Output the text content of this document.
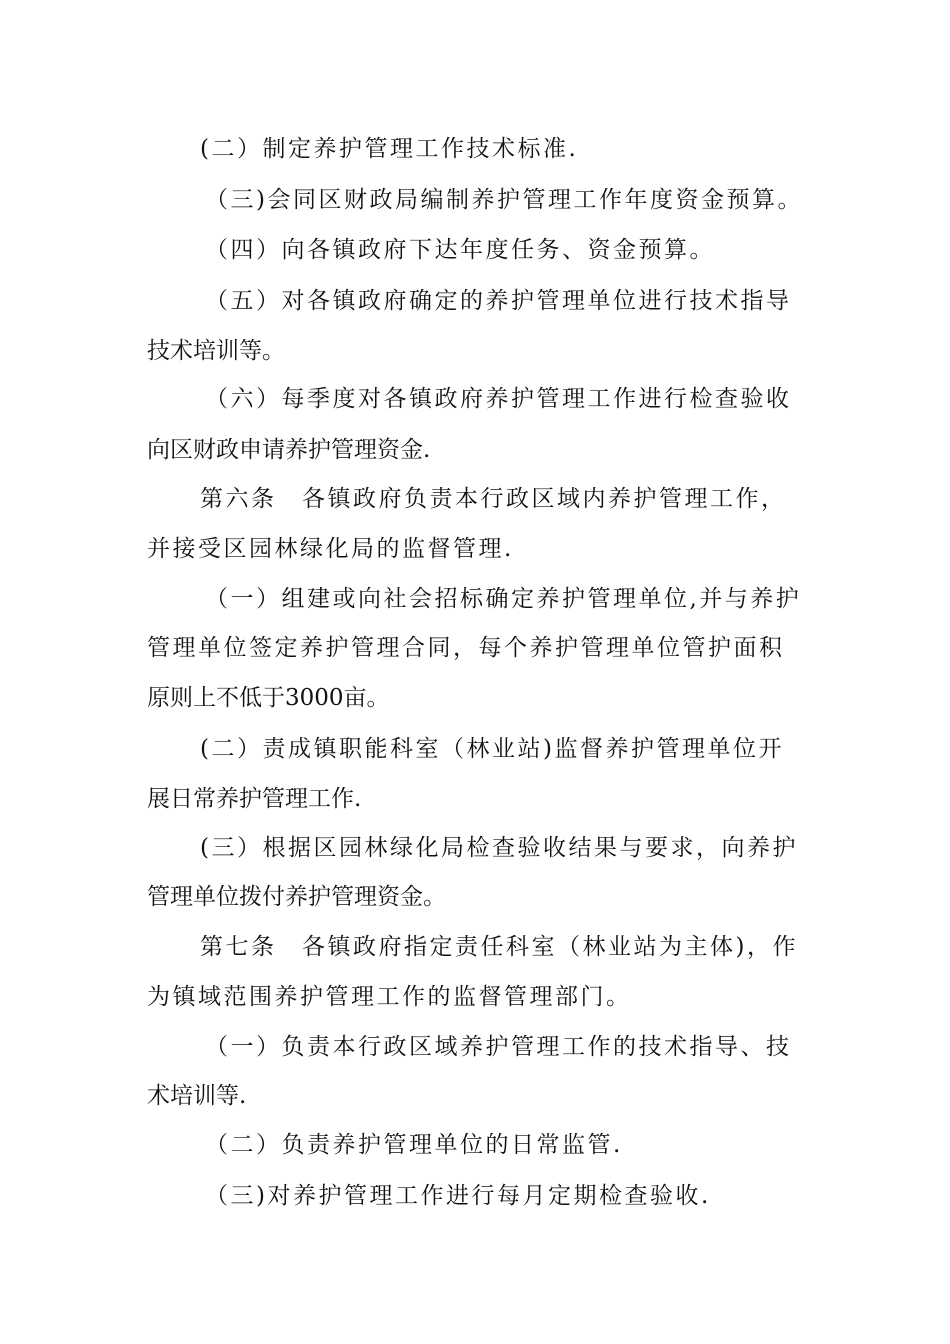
(二）制定养护管理工作技术标准.
（三)会同区财政局编制养护管理工作年度资金预算。
（四）向各镇政府下达年度任务、资金预算。
（五）对各镇政府确定的养护管理单位进行技术指导
技术培训等。
（六）每季度对各镇政府养护管理工作进行检查验收
向区财政申请养护管理资金.
第六条　各镇政府负责本行政区域内养护管理工作，
并接受区园林绿化局的监督管理.
（一）组建或向社会招标确定养护管理单位,并与养护
管理单位签定养护管理合同，每个养护管理单位管护面积
原则上不低于3000亩。
(二）责成镇职能科室（林业站)监督养护管理单位开
展日常养护管理工作.
(三）根据区园林绿化局检查验收结果与要求，向养护
管理单位拨付养护管理资金。
第七条　各镇政府指定责任科室（林业站为主体)，作
为镇域范围养护管理工作的监督管理部门。
（一）负责本行政区域养护管理工作的技术指导、技
术培训等.
（二）负责养护管理单位的日常监管.
（三)对养护管理工作进行每月定期检查验收.
